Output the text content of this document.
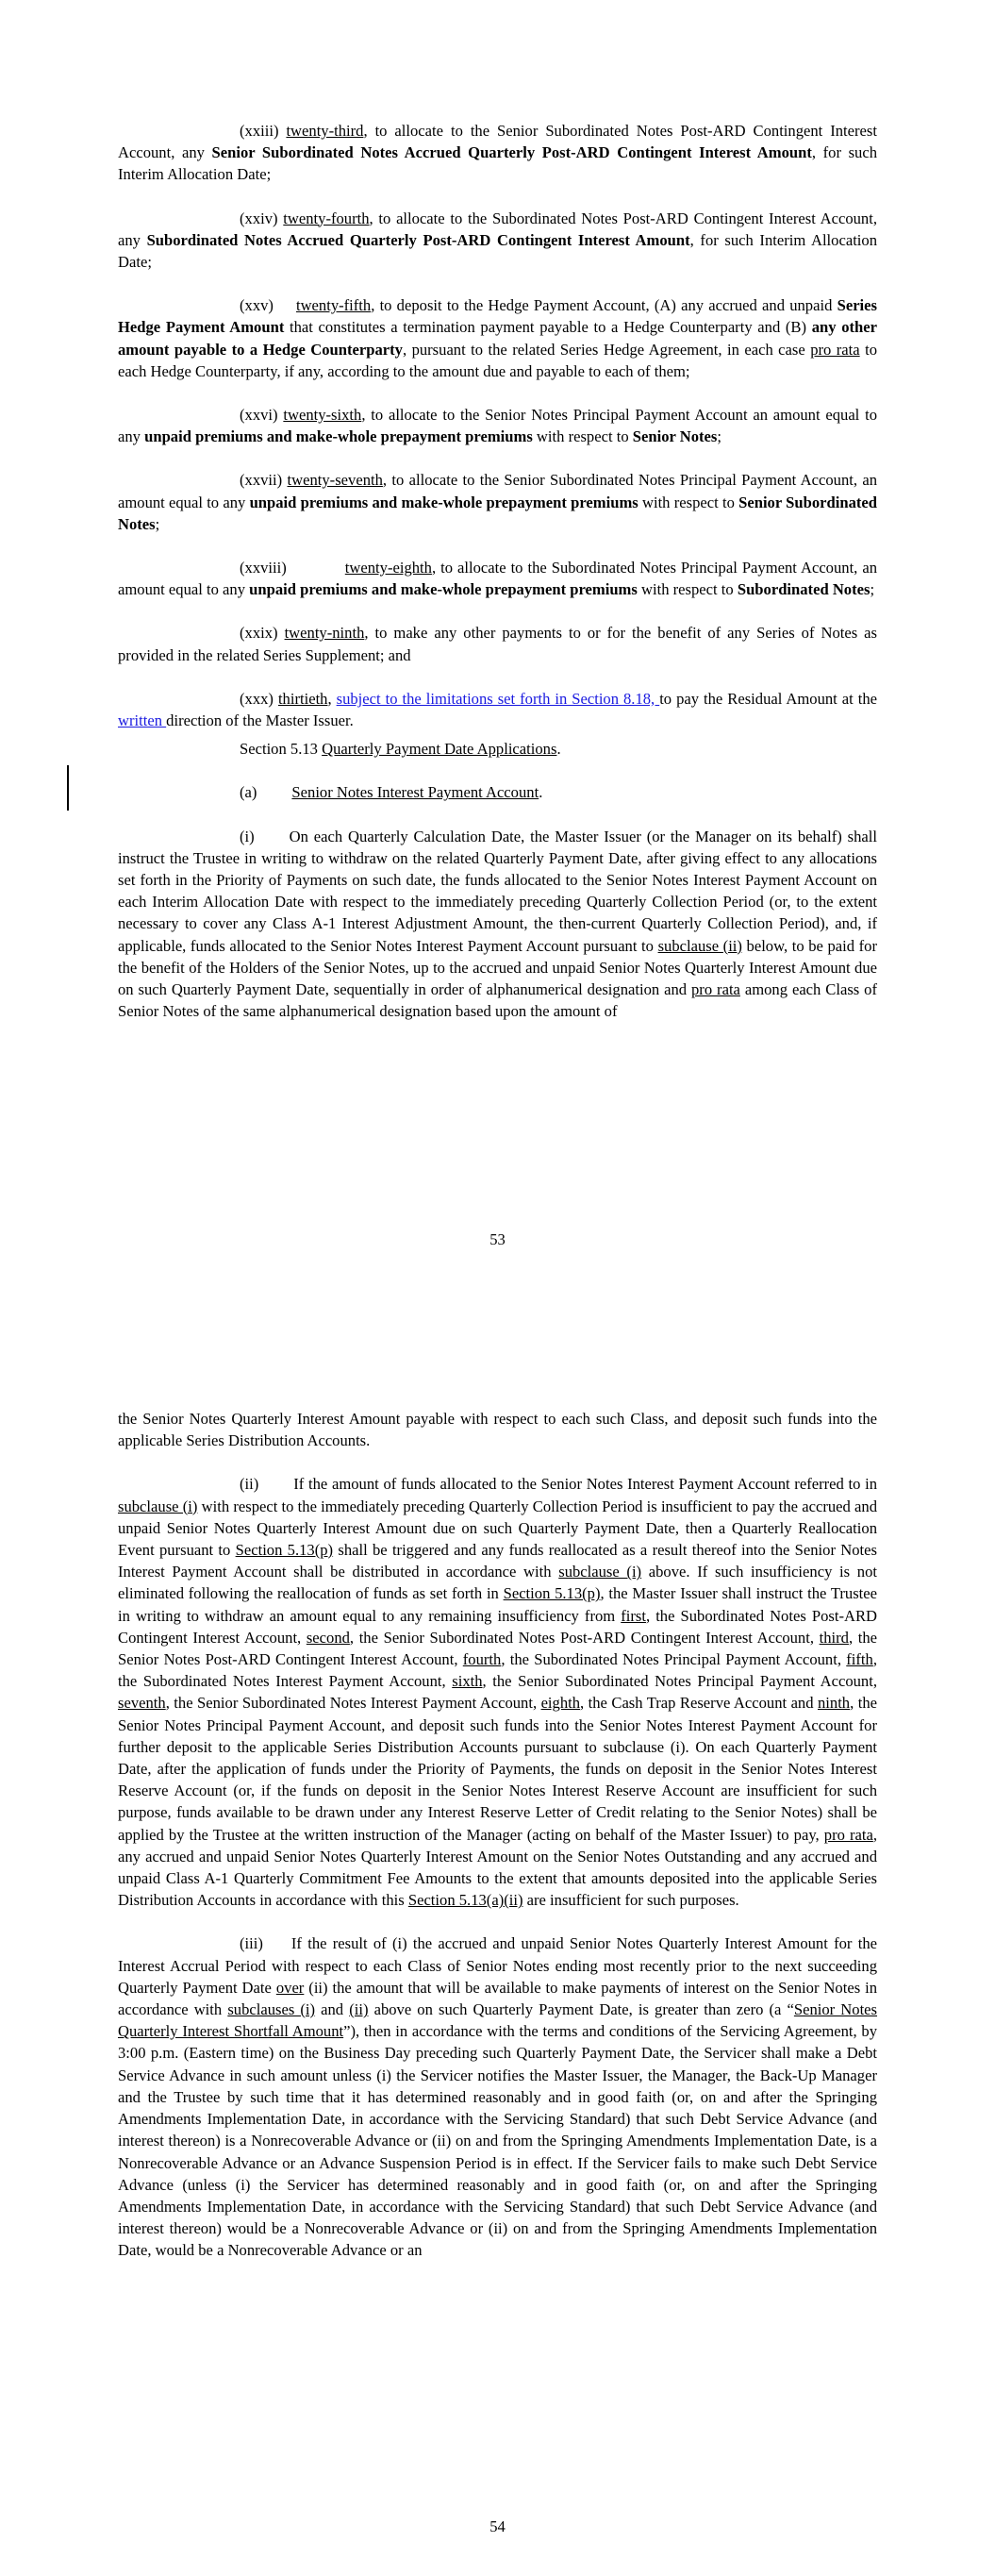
(xxiii) twenty-third, to allocate to the Senior Subordinated Notes Post-ARD Contingent Interest Account, any Senior Subordinated Notes Accrued Quarterly Post-ARD Contingent Interest Amount, for such Interim Allocation Date;

(xxiv) twenty-fourth, to allocate to the Subordinated Notes Post-ARD Contingent Interest Account, any Subordinated Notes Accrued Quarterly Post-ARD Contingent Interest Amount, for such Interim Allocation Date;

(xxv) twenty-fifth, to deposit to the Hedge Payment Account, (A) any accrued and unpaid Series Hedge Payment Amount that constitutes a termination payment payable to a Hedge Counterparty and (B) any other amount payable to a Hedge Counterparty, pursuant to the related Series Hedge Agreement, in each case pro rata to each Hedge Counterparty, if any, according to the amount due and payable to each of them;

(xxvi) twenty-sixth, to allocate to the Senior Notes Principal Payment Account an amount equal to any unpaid premiums and make-whole prepayment premiums with respect to Senior Notes;

(xxvii) twenty-seventh, to allocate to the Senior Subordinated Notes Principal Payment Account, an amount equal to any unpaid premiums and make-whole prepayment premiums with respect to Senior Subordinated Notes;

(xxviii)	twenty-eighth, to allocate to the Subordinated Notes Principal Payment Account, an amount equal to any unpaid premiums and make-whole prepayment premiums with respect to Subordinated Notes;

(xxix) twenty-ninth, to make any other payments to or for the benefit of any Series of Notes as provided in the related Series Supplement; and

(xxx) thirtieth, subject to the limitations set forth in Section 8.18, to pay the Residual Amount at the written direction of the Master Issuer.

Section 5.13 Quarterly Payment Date Applications.

(a) Senior Notes Interest Payment Account.

(i) On each Quarterly Calculation Date, the Master Issuer (or the Manager on its behalf) shall instruct the Trustee in writing to withdraw on the related Quarterly Payment Date, after giving effect to any allocations set forth in the Priority of Payments on such date, the funds allocated to the Senior Notes Interest Payment Account on each Interim Allocation Date with respect to the immediately preceding Quarterly Collection Period (or, to the extent necessary to cover any Class A-1 Interest Adjustment Amount, the then-current Quarterly Collection Period), and, if applicable, funds allocated to the Senior Notes Interest Payment Account pursuant to subclause (ii) below, to be paid for the benefit of the Holders of the Senior Notes, up to the accrued and unpaid Senior Notes Quarterly Interest Amount due on such Quarterly Payment Date, sequentially in order of alphanumerical designation and pro rata among each Class of Senior Notes of the same alphanumerical designation based upon the amount of

53

the Senior Notes Quarterly Interest Amount payable with respect to each such Class, and deposit such funds into the applicable Series Distribution Accounts.

(ii) If the amount of funds allocated to the Senior Notes Interest Payment Account referred to in subclause (i) with respect to the immediately preceding Quarterly Collection Period is insufficient to pay the accrued and unpaid Senior Notes Quarterly Interest Amount due on such Quarterly Payment Date, then a Quarterly Reallocation Event pursuant to Section 5.13(p) shall be triggered and any funds reallocated as a result thereof into the Senior Notes Interest Payment Account shall be distributed in accordance with subclause (i) above. If such insufficiency is not eliminated following the reallocation of funds as set forth in Section 5.13(p), the Master Issuer shall instruct the Trustee in writing to withdraw an amount equal to any remaining insufficiency from first, the Subordinated Notes Post-ARD Contingent Interest Account, second, the Senior Subordinated Notes Post-ARD Contingent Interest Account, third, the Senior Notes Post-ARD Contingent Interest Account, fourth, the Subordinated Notes Principal Payment Account, fifth, the Subordinated Notes Interest Payment Account, sixth, the Senior Subordinated Notes Principal Payment Account, seventh, the Senior Subordinated Notes Interest Payment Account, eighth, the Cash Trap Reserve Account and ninth, the Senior Notes Principal Payment Account, and deposit such funds into the Senior Notes Interest Payment Account for further deposit to the applicable Series Distribution Accounts pursuant to subclause (i). On each Quarterly Payment Date, after the application of funds under the Priority of Payments, the funds on deposit in the Senior Notes Interest Reserve Account (or, if the funds on deposit in the Senior Notes Interest Reserve Account are insufficient for such purpose, funds available to be drawn under any Interest Reserve Letter of Credit relating to the Senior Notes) shall be applied by the Trustee at the written instruction of the Manager (acting on behalf of the Master Issuer) to pay, pro rata, any accrued and unpaid Senior Notes Quarterly Interest Amount on the Senior Notes Outstanding and any accrued and unpaid Class A-1 Quarterly Commitment Fee Amounts to the extent that amounts deposited into the applicable Series Distribution Accounts in accordance with this Section 5.13(a)(ii) are insufficient for such purposes.

(iii) If the result of (i) the accrued and unpaid Senior Notes Quarterly Interest Amount for the Interest Accrual Period with respect to each Class of Senior Notes ending most recently prior to the next succeeding Quarterly Payment Date over (ii) the amount that will be available to make payments of interest on the Senior Notes in accordance with subclauses (i) and (ii) above on such Quarterly Payment Date, is greater than zero (a “Senior Notes Quarterly Interest Shortfall Amount”), then in accordance with the terms and conditions of the Servicing Agreement, by 3:00 p.m. (Eastern time) on the Business Day preceding such Quarterly Payment Date, the Servicer shall make a Debt Service Advance in such amount unless (i) the Servicer notifies the Master Issuer, the Manager, the Back-Up Manager and the Trustee by such time that it has determined reasonably and in good faith (or, on and after the Springing Amendments Implementation Date, in accordance with the Servicing Standard) that such Debt Service Advance (and interest thereon) is a Nonrecoverable Advance or (ii) on and from the Springing Amendments Implementation Date, is a Nonrecoverable Advance or an Advance Suspension Period is in effect. If the Servicer fails to make such Debt Service Advance (unless (i) the Servicer has determined reasonably and in good faith (or, on and after the Springing Amendments Implementation Date, in accordance with the Servicing Standard) that such Debt Service Advance (and interest thereon) would be a Nonrecoverable Advance or (ii) on and from the Springing Amendments Implementation Date, would be a Nonrecoverable Advance or an

54
